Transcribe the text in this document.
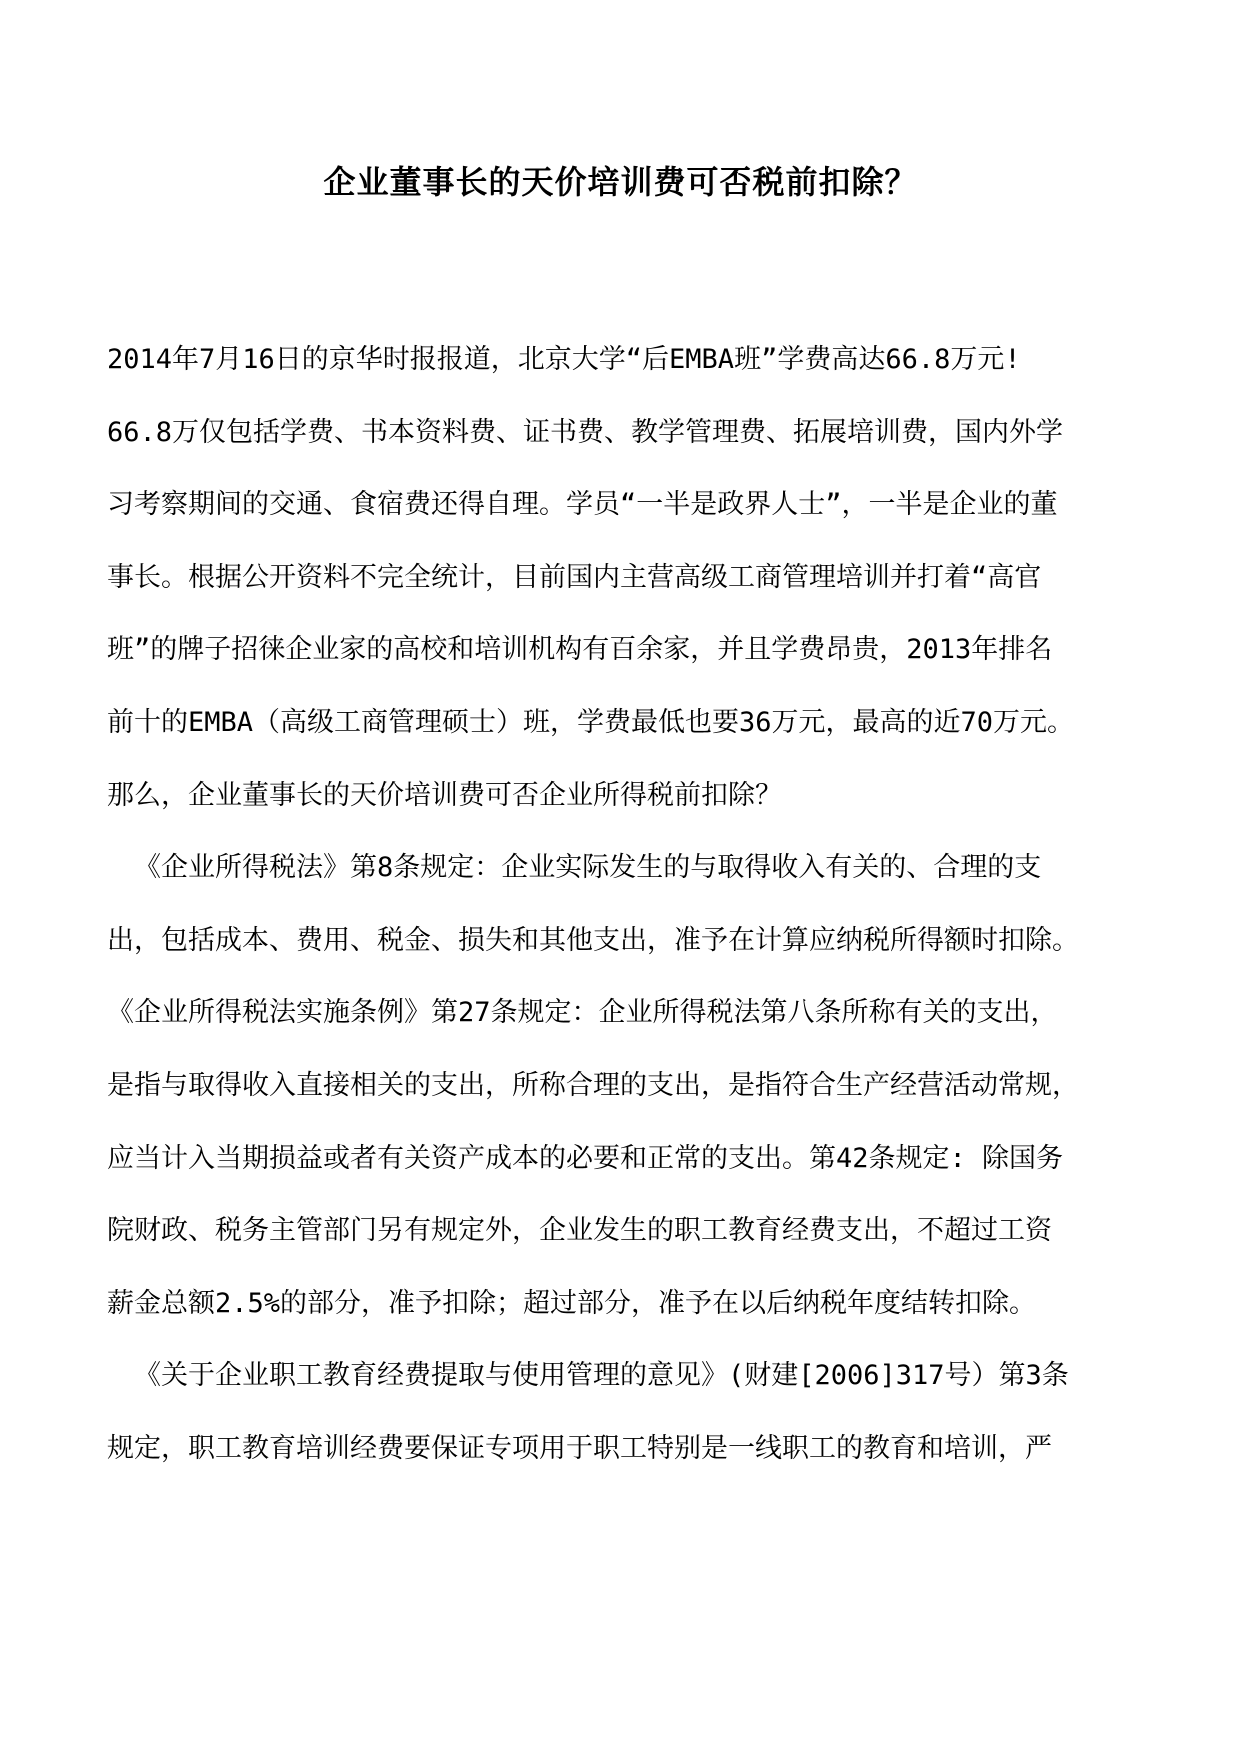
企业董事长的天价培训费可否税前扣除？
2014年7月16日的京华时报报道，北京大学“后EMBA班”学费高达66.8万元!
66.8万仅包括学费、书本资料费、证书费、教学管理费、拓展培训费，国内外学
习考察期间的交通、食宿费还得自理。学员“一半是政界人士”，一半是企业的董
事长。根据公开资料不完全统计，目前国内主营高级工商管理培训并打着“高官
班”的牌子招徕企业家的高校和培训机构有百余家，并且学费昂贵，2013年排名
前十的EMBA（高级工商管理硕士）班，学费最低也要36万元，最高的近70万元。
那么，企业董事长的天价培训费可否企业所得税前扣除？
《企业所得税法》第8条规定：企业实际发生的与取得收入有关的、合理的支
出，包括成本、费用、税金、损失和其他支出，准予在计算应纳税所得额时扣除。
《企业所得税法实施条例》第27条规定：企业所得税法第八条所称有关的支出，
是指与取得收入直接相关的支出，所称合理的支出，是指符合生产经营活动常规，
应当计入当期损益或者有关资产成本的必要和正常的支出。第42条规定: 除国务
院财政、税务主管部门另有规定外，企业发生的职工教育经费支出，不超过工资
薪金总额2.5%的部分，准予扣除；超过部分，准予在以后纳税年度结转扣除。
《关于企业职工教育经费提取与使用管理的意见》(财建[2006]317号）第3条
规定，职工教育培训经费要保证专项用于职工特别是一线职工的教育和培训，严
